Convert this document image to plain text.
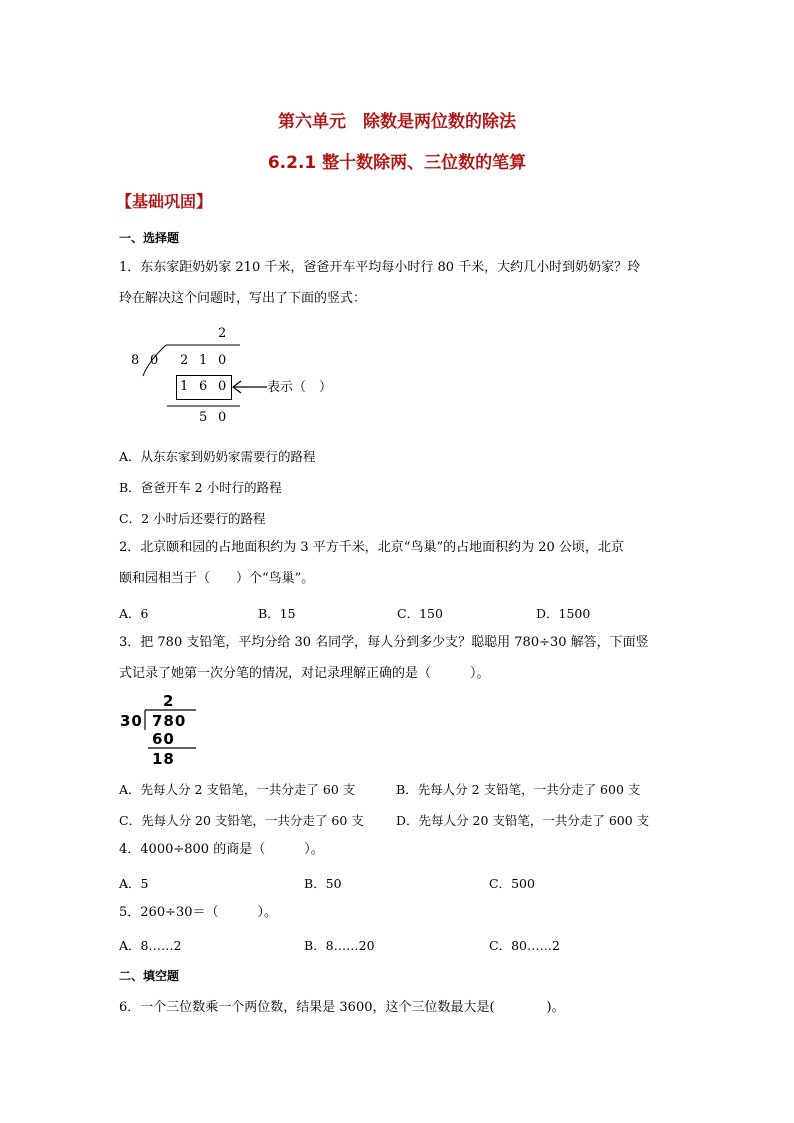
第六单元　除数是两位数的除法
6.2.1 整十数除两、三位数的笔算
【基础巩固】
一、选择题
1．东东家距奶奶家 210 千米，爸爸开车平均每小时行 80 千米，大约几小时到奶奶家？玲
玲在解决这个问题时，写出了下面的竖式：
2
8 0 2 1 0
1 6 0	表示（　）
5 0
A．从东东家到奶奶家需要行的路程
B．爸爸开车 2 小时行的路程
C．2 小时后还要行的路程
2．北京颐和园的占地面积约为 3 平方千米，北京“鸟巢”的占地面积约为 20 公顷，北京
颐和园相当于（　　）个“鸟巢”。
A．6	B．15	C．150	D．1500
3．把 780 支铅笔，平均分给 30 名同学，每人分到多少支？聪聪用 780÷30 解答，下面竖
式记录了她第一次分笔的情况，对记录理解正确的是（　　　）。
2
30 780
60
18
A．先每人分 2 支铅笔，一共分走了 60 支	B．先每人分 2 支铅笔，一共分走了 600 支
C．先每人分 20 支铅笔，一共分走了 60 支	D．先每人分 20 支铅笔，一共分走了 600 支
4．4000÷800 的商是（　　　）。
A．5	B．50	C．500
5．260÷30＝（　　　）。
A．8……2	B．8……20	C．80……2
二、填空题
6．一个三位数乘一个两位数，结果是 3600，这个三位数最大是(　　　　)。
